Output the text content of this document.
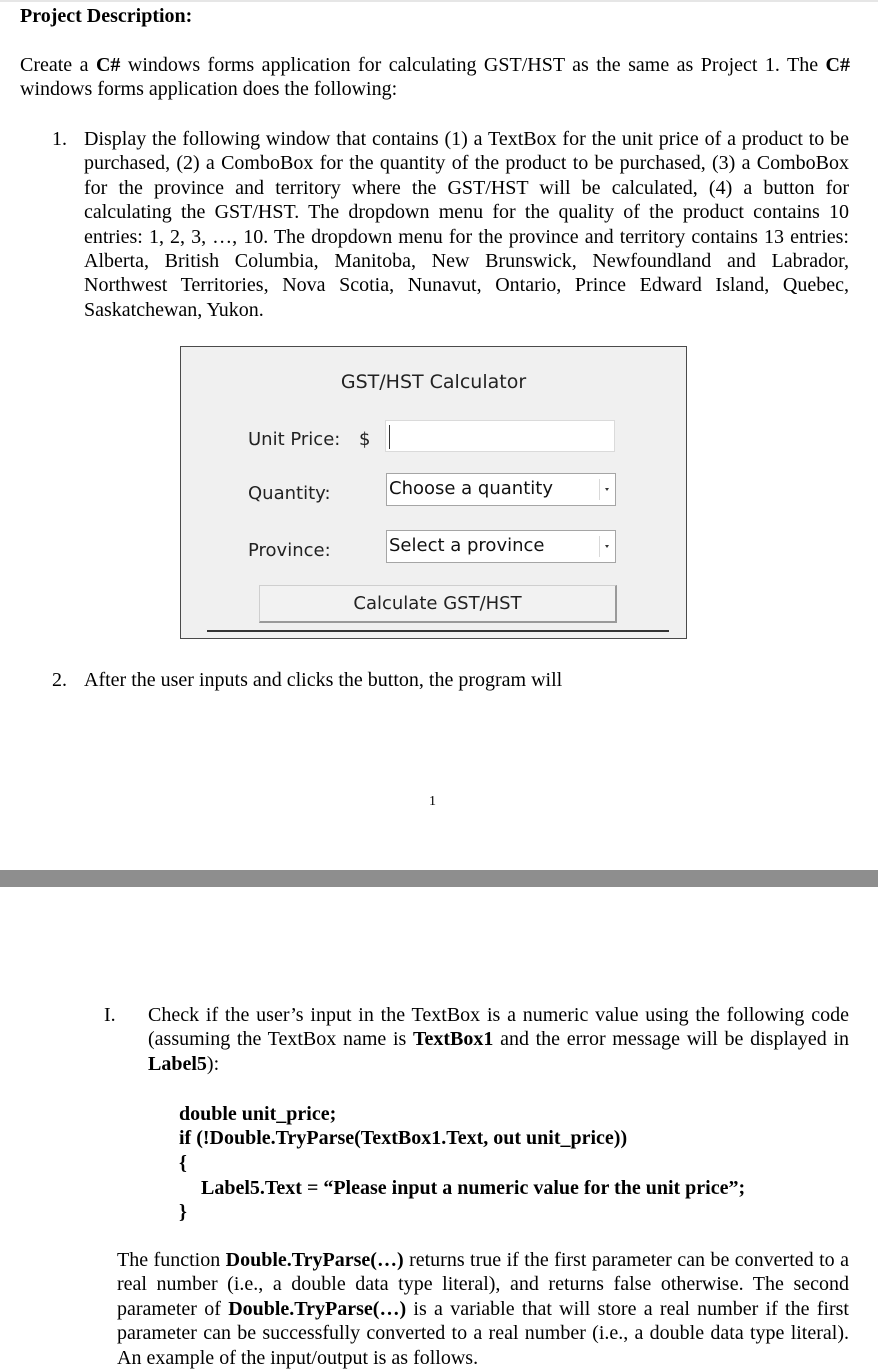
Project Description:
Create a C# windows forms application for calculating GST/HST as the same as Project 1. The C# windows forms application does the following:
1. Display the following window that contains (1) a TextBox for the unit price of a product to be purchased, (2) a ComboBox for the quantity of the product to be purchased, (3) a ComboBox for the province and territory where the GST/HST will be calculated, (4) a button for calculating the GST/HST. The dropdown menu for the quality of the product contains 10 entries: 1, 2, 3, …, 10. The dropdown menu for the province and territory contains 13 entries: Alberta, British Columbia, Manitoba, New Brunswick, Newfoundland and Labrador, Northwest Territories, Nova Scotia, Nunavut, Ontario, Prince Edward Island, Quebec, Saskatchewan, Yukon.
GST/HST Calculator
Unit Price: $
Quantity:	Choose a quantity
Province:	Select a province
Calculate GST/HST
2. After the user inputs and clicks the button, the program will
1
I. Check if the user’s input in the TextBox is a numeric value using the following code (assuming the TextBox name is TextBox1 and the error message will be displayed in Label5):
double unit_price;
if (!Double.TryParse(TextBox1.Text, out unit_price))
{
Label5.Text = “Please input a numeric value for the unit price”;
}
The function Double.TryParse(…) returns true if the first parameter can be converted to a real number (i.e., a double data type literal), and returns false otherwise. The second parameter of Double.TryParse(…) is a variable that will store a real number if the first parameter can be successfully converted to a real number (i.e., a double data type literal). An example of the input/output is as follows.
